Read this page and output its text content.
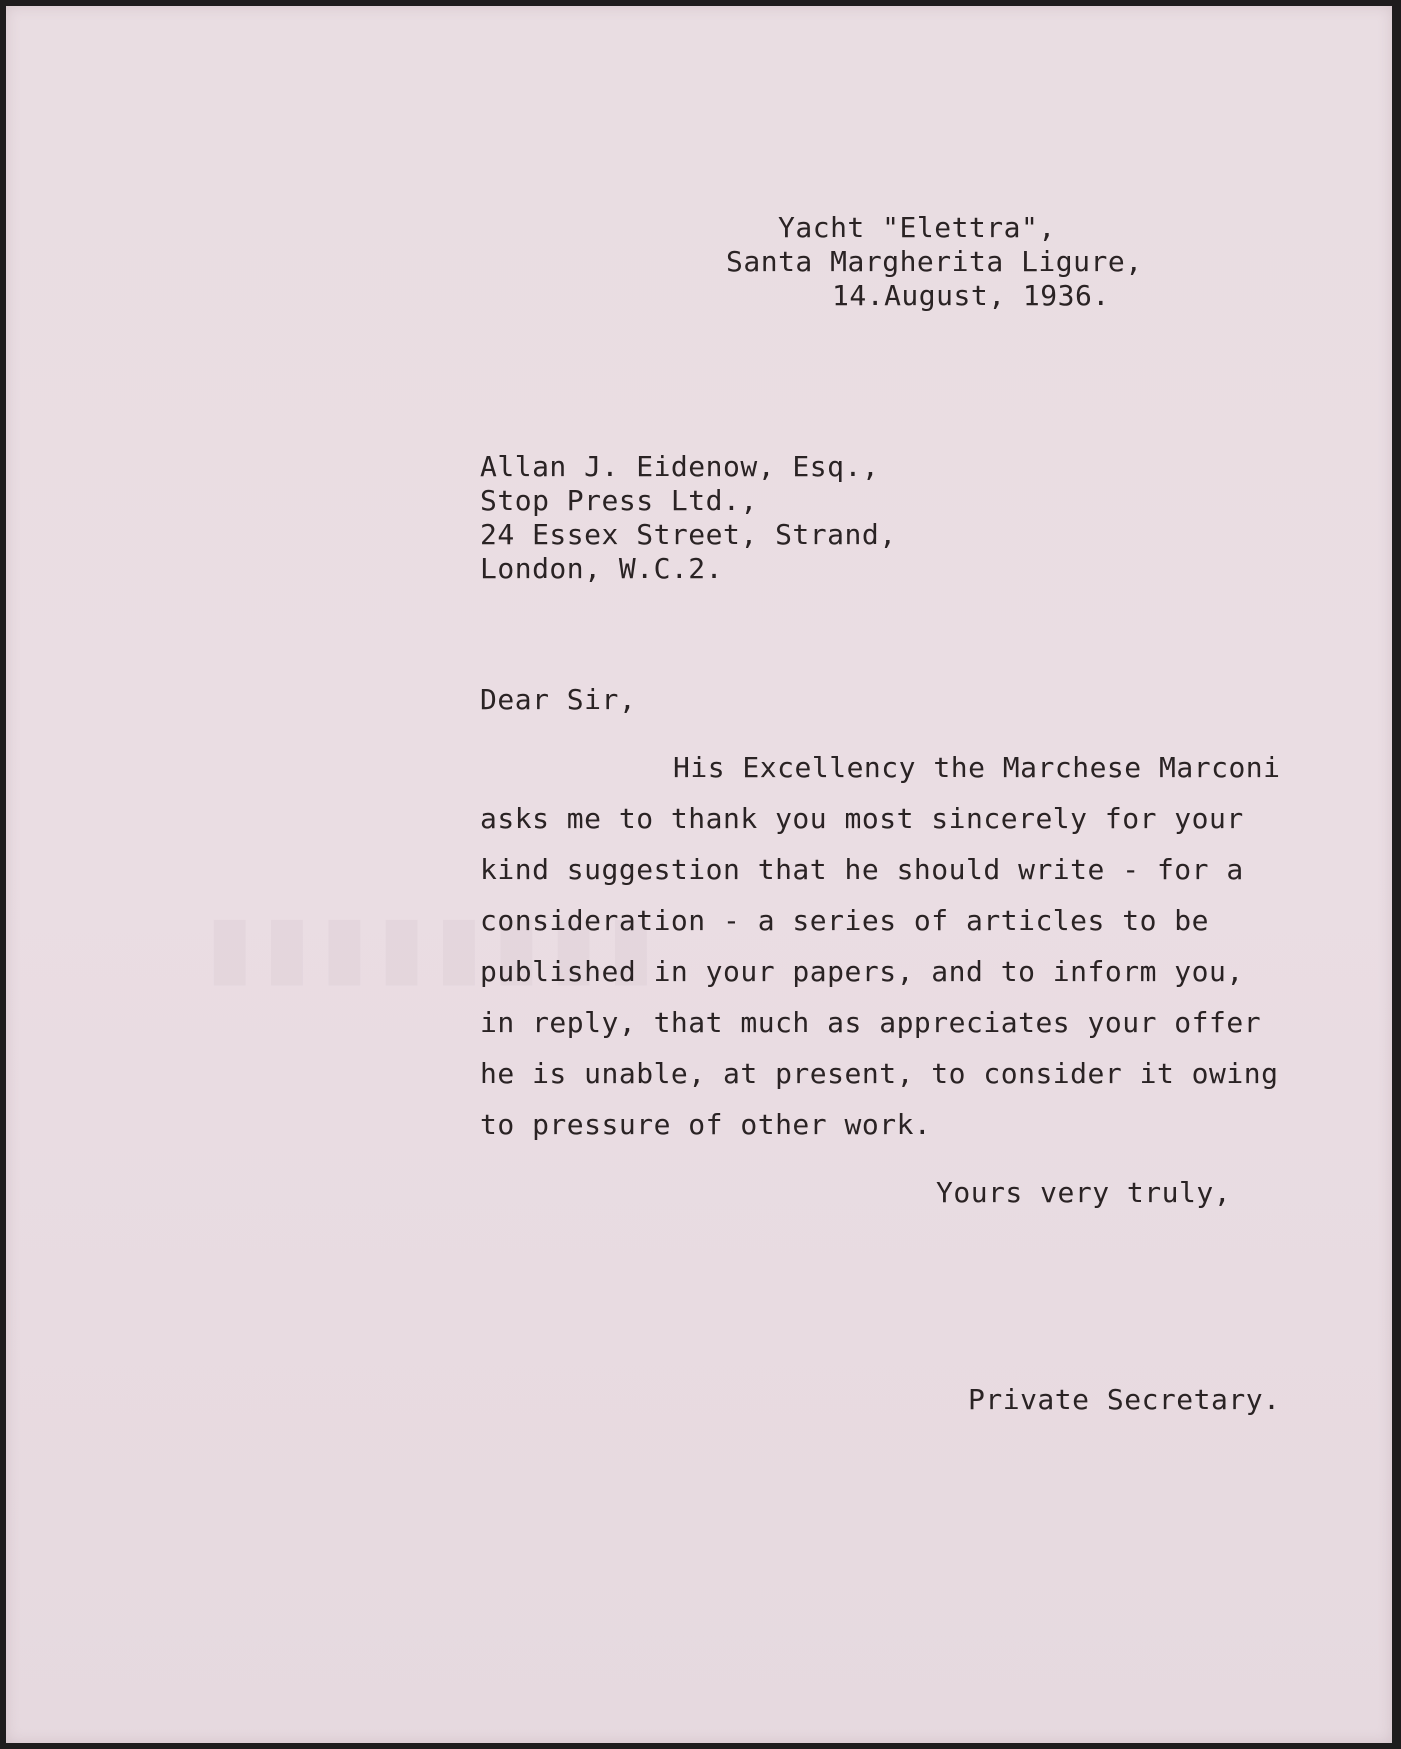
▮▮▮▮▮▮▮▮
Yacht "Elettra",
Santa Margherita Ligure,
14.August, 1936.
Allan J. Eidenow, Esq.,
Stop Press Ltd.,
24 Essex Street, Strand,
London, W.C.2.
Dear Sir,
His Excellency the Marchese Marconi
asks me to thank you most sincerely for your
kind suggestion that he should write - for a
consideration - a series of articles to be
published in your papers, and to inform you,
in reply, that much as appreciates your offer
he is unable, at present, to consider it owing
to pressure of other work.
Yours very truly,
Private Secretary.
